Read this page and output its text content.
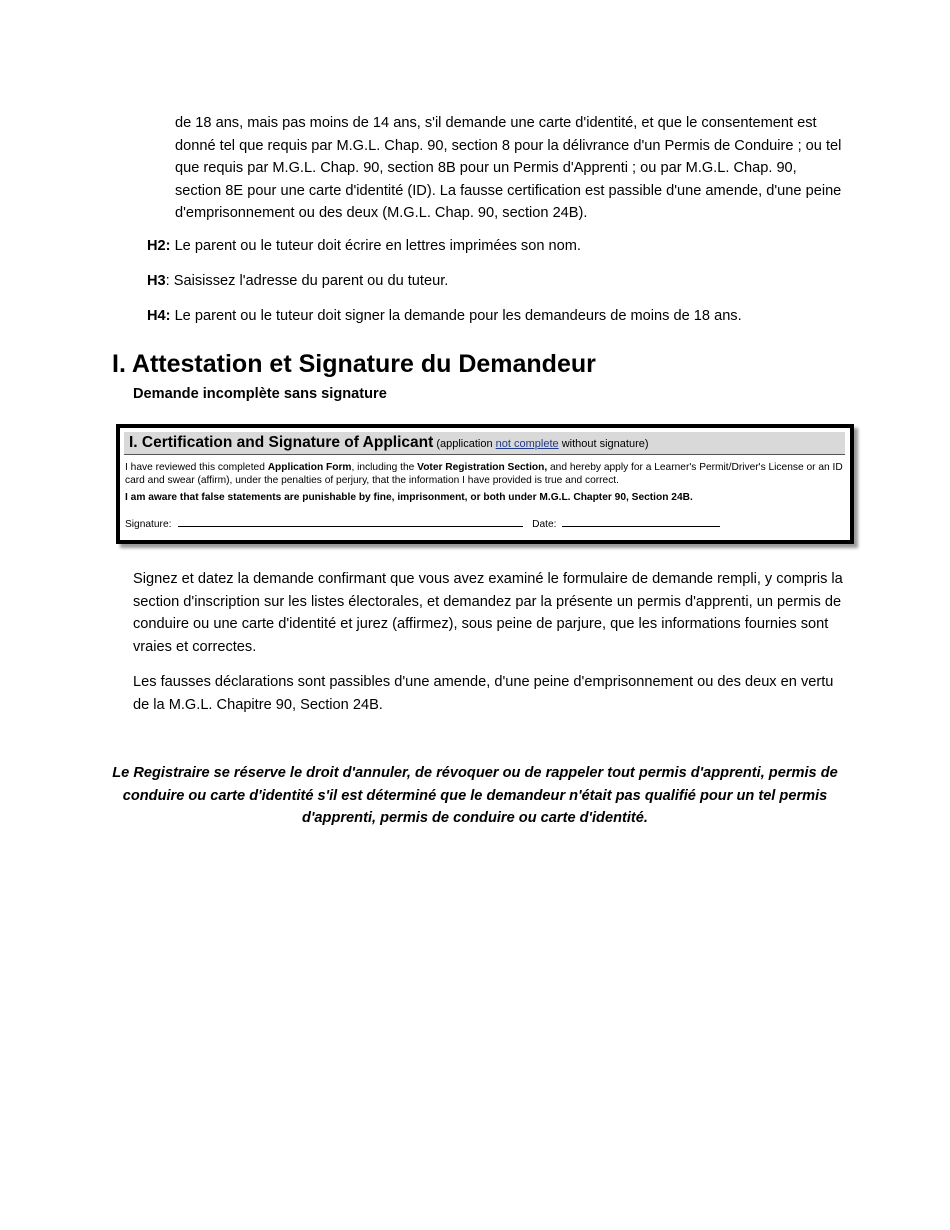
de 18 ans, mais pas moins de 14 ans, s'il demande une carte d'identité, et que le consentement est donné tel que requis par M.G.L. Chap. 90, section 8 pour la délivrance d'un Permis de Conduire ; ou tel que requis par M.G.L. Chap. 90, section 8B pour un Permis d'Apprenti ; ou par M.G.L. Chap. 90, section 8E pour une carte d'identité (ID). La fausse certification est passible d'une amende, d'une peine d'emprisonnement ou des deux (M.G.L. Chap. 90, section 24B).

H2: Le parent ou le tuteur doit écrire en lettres imprimées son nom.
H3: Saisissez l'adresse du parent ou du tuteur.
H4: Le parent ou le tuteur doit signer la demande pour les demandeurs de moins de 18 ans.
I. Attestation et Signature du Demandeur
Demande incomplète sans signature
I. Certification and Signature of Applicant (application not complete without signature)
I have reviewed this completed Application Form, including the Voter Registration Section, and hereby apply for a Learner's Permit/Driver's License or an ID card and swear (affirm), under the penalties of perjury, that the information I have provided is true and correct.
I am aware that false statements are punishable by fine, imprisonment, or both under M.G.L. Chapter 90, Section 24B.
Signature:	Date:

Signez et datez la demande confirmant que vous avez examiné le formulaire de demande rempli, y compris la section d'inscription sur les listes électorales, et demandez par la présente un permis d'apprenti, un permis de conduire ou une carte d'identité et jurez (affirmez), sous peine de parjure, que les informations fournies sont vraies et correctes.

Les fausses déclarations sont passibles d'une amende, d'une peine d'emprisonnement ou des deux en vertu de la M.G.L. Chapitre 90, Section 24B.

Le Registraire se réserve le droit d'annuler, de révoquer ou de rappeler tout permis d'apprenti, permis de conduire ou carte d'identité s'il est déterminé que le demandeur n'était pas qualifié pour un tel permis d'apprenti, permis de conduire ou carte d'identité.
